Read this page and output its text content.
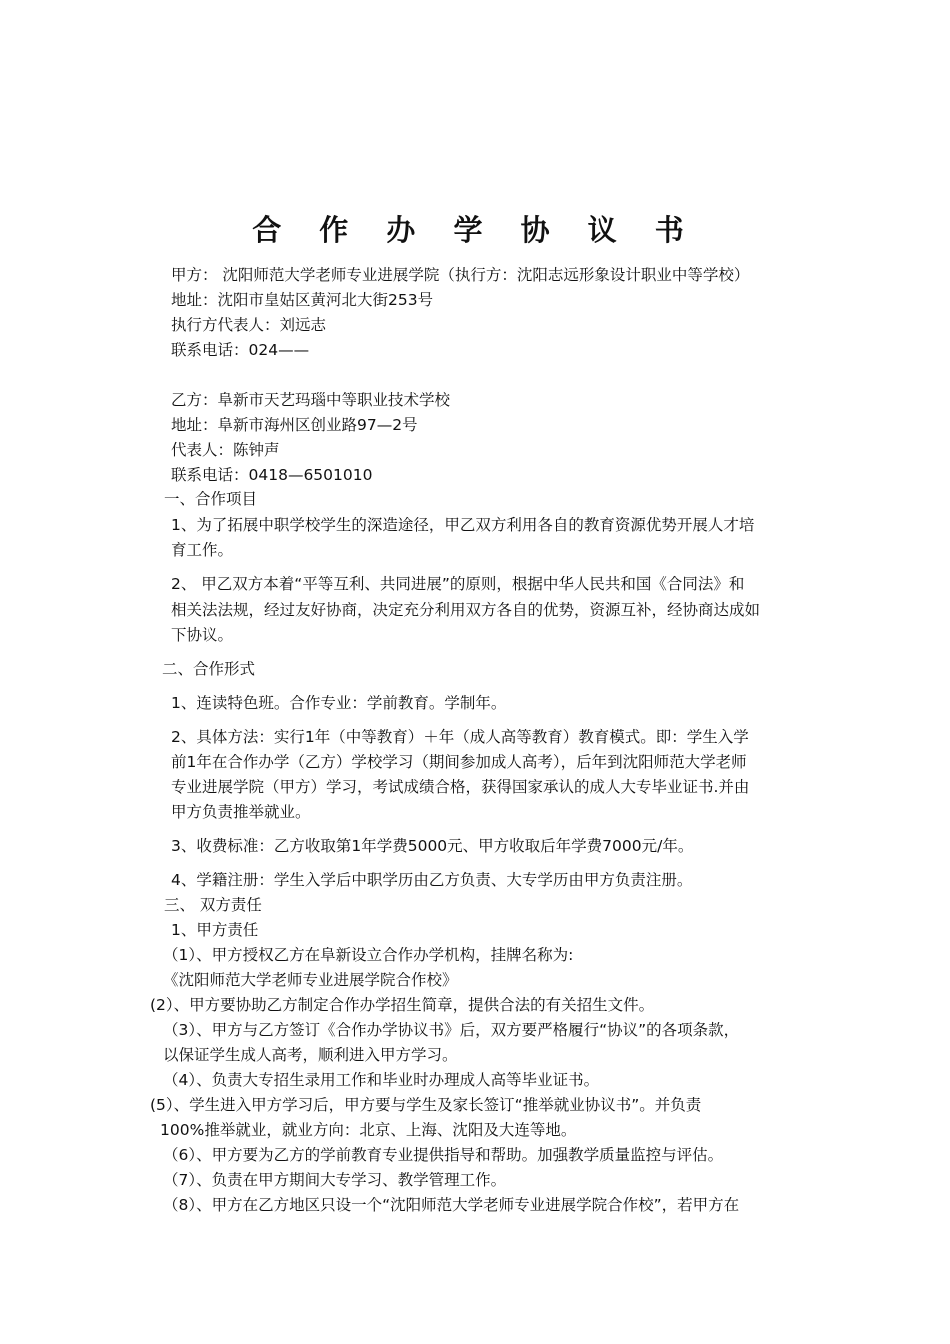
合 作 办 学 协 议 书
甲方： 沈阳师范大学老师专业进展学院（执行方：沈阳志远形象设计职业中等学校）
地址：沈阳市皇姑区黄河北大街253号
执行方代表人：刘远志
联系电话：024——
乙方：阜新市天艺玛瑙中等职业技术学校
地址：阜新市海州区创业路97—2号
代表人：陈钟声
联系电话：0418—6501010
一、合作项目
1、为了拓展中职学校学生的深造途径，甲乙双方利用各自的教育资源优势开展人才培
育工作。
2、 甲乙双方本着“平等互利、共同进展”的原则，根据中华人民共和国《合同法》和
相关法法规，经过友好协商，决定充分利用双方各自的优势，资源互补，经协商达成如
下协议。
二、合作形式
1、连读特色班。合作专业：学前教育。学制年。
2、具体方法：实行1年（中等教育）＋年（成人高等教育）教育模式。即：学生入学
前1年在合作办学（乙方）学校学习（期间参加成人高考），后年到沈阳师范大学老师
专业进展学院（甲方）学习，考试成绩合格，获得国家承认的成人大专毕业证书.并由
甲方负责推举就业。
3、收费标准：乙方收取第1年学费5000元、甲方收取后年学费7000元/年。
4、学籍注册：学生入学后中职学历由乙方负责、大专学历由甲方负责注册。
三、 双方责任
1、甲方责任
（1）、甲方授权乙方在阜新设立合作办学机构，挂牌名称为:
《沈阳师范大学老师专业进展学院合作校》
(2）、甲方要协助乙方制定合作办学招生简章，提供合法的有关招生文件。
（3）、甲方与乙方签订《合作办学协议书》后，双方要严格履行“协议”的各项条款，
以保证学生成人高考，顺利进入甲方学习。
（4）、负责大专招生录用工作和毕业时办理成人高等毕业证书。
(5）、学生进入甲方学习后，甲方要与学生及家长签订“推举就业协议书”。并负责
100%推举就业，就业方向：北京、上海、沈阳及大连等地。
（6）、甲方要为乙方的学前教育专业提供指导和帮助。加强教学质量监控与评估。
（7）、负责在甲方期间大专学习、教学管理工作。
（8）、甲方在乙方地区只设一个“沈阳师范大学老师专业进展学院合作校”，若甲方在
